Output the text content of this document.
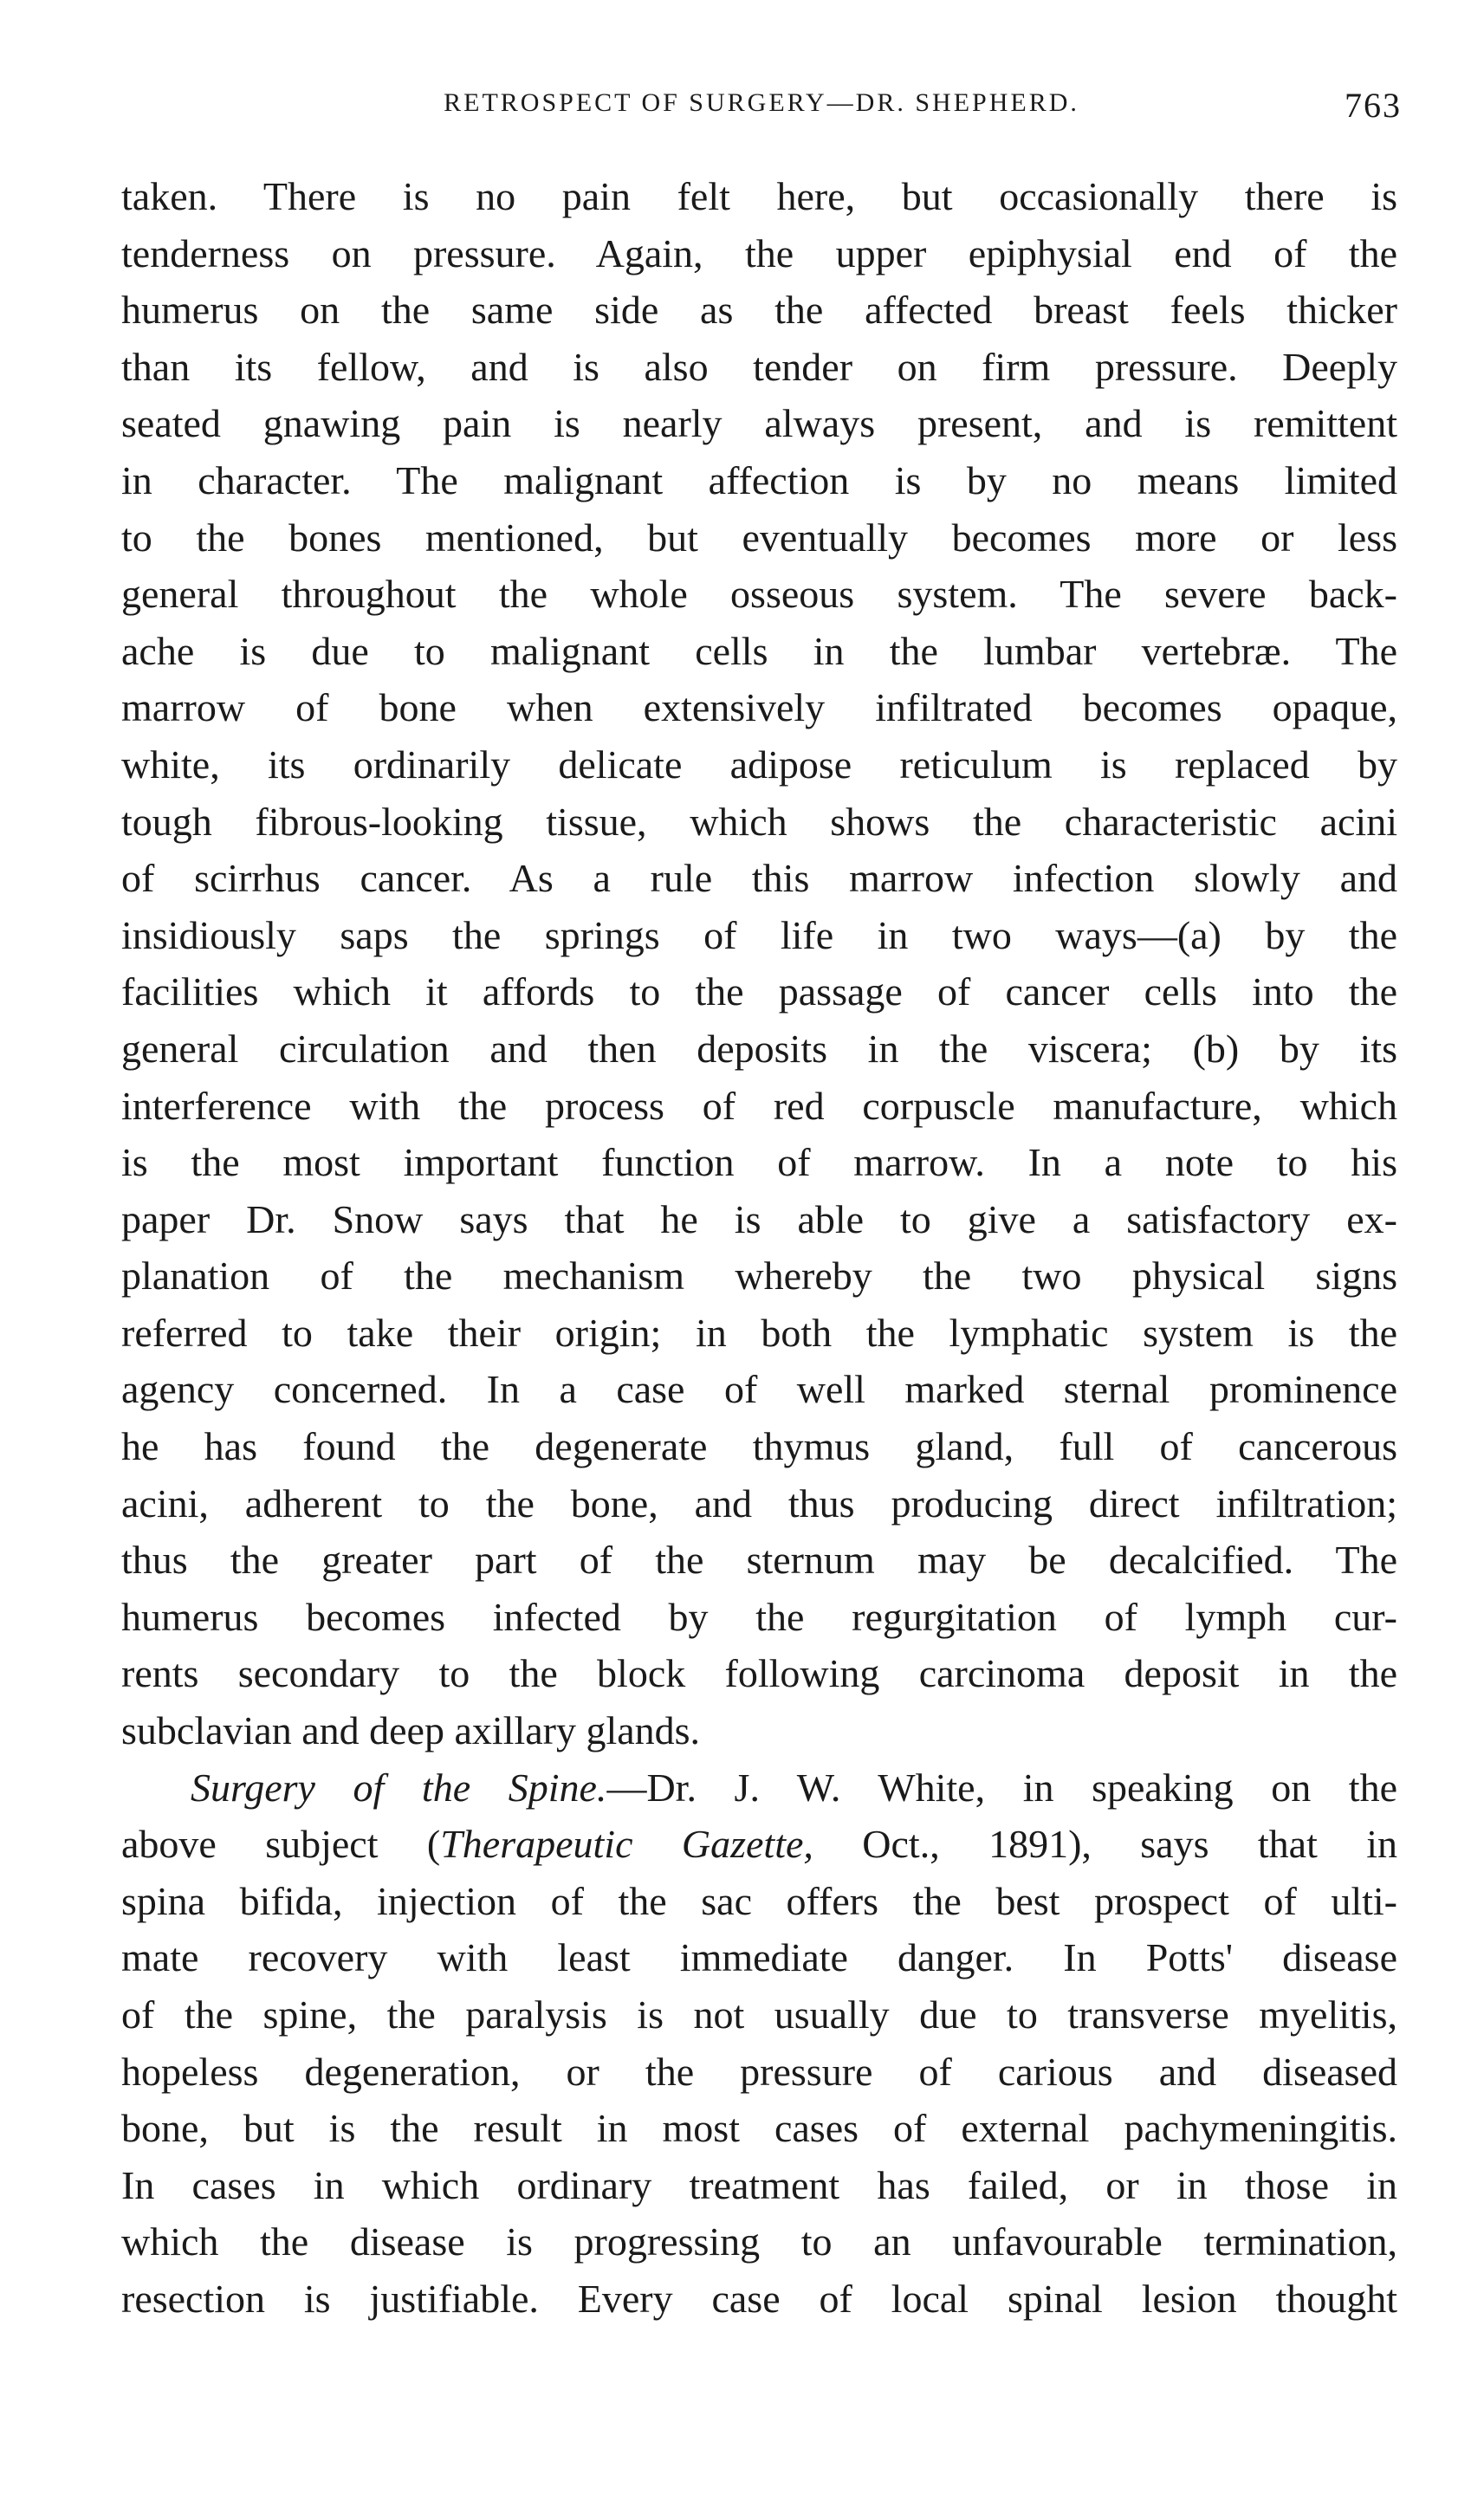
RETROSPECT OF SURGERY—DR. SHEPHERD.	763
taken. There is no pain felt here, but occasionally there is
tenderness on pressure. Again, the upper epiphysial end of the
humerus on the same side as the affected breast feels thicker
than its fellow, and is also tender on firm pressure. Deeply
seated gnawing pain is nearly always present, and is remittent
in character. The malignant affection is by no means limited
to the bones mentioned, but eventually becomes more or less
general throughout the whole osseous system. The severe back-
ache is due to malignant cells in the lumbar vertebræ. The
marrow of bone when extensively infiltrated becomes opaque,
white, its ordinarily delicate adipose reticulum is replaced by
tough fibrous-looking tissue, which shows the characteristic acini
of scirrhus cancer. As a rule this marrow infection slowly and
insidiously saps the springs of life in two ways—(a) by the
facilities which it affords to the passage of cancer cells into the
general circulation and then deposits in the viscera; (b) by its
interference with the process of red corpuscle manufacture, which
is the most important function of marrow. In a note to his
paper Dr. Snow says that he is able to give a satisfactory ex-
planation of the mechanism whereby the two physical signs
referred to take their origin; in both the lymphatic system is the
agency concerned. In a case of well marked sternal prominence
he has found the degenerate thymus gland, full of cancerous
acini, adherent to the bone, and thus producing direct infiltration;
thus the greater part of the sternum may be decalcified. The
humerus becomes infected by the regurgitation of lymph cur-
rents secondary to the block following carcinoma deposit in the
subclavian and deep axillary glands.
Surgery of the Spine.—Dr. J. W. White, in speaking on the
above subject (Therapeutic Gazette, Oct., 1891), says that in
spina bifida, injection of the sac offers the best prospect of ulti-
mate recovery with least immediate danger. In Potts' disease
of the spine, the paralysis is not usually due to transverse myelitis,
hopeless degeneration, or the pressure of carious and diseased
bone, but is the result in most cases of external pachymeningitis.
In cases in which ordinary treatment has failed, or in those in
which the disease is progressing to an unfavourable termination,
resection is justifiable. Every case of local spinal lesion thought
